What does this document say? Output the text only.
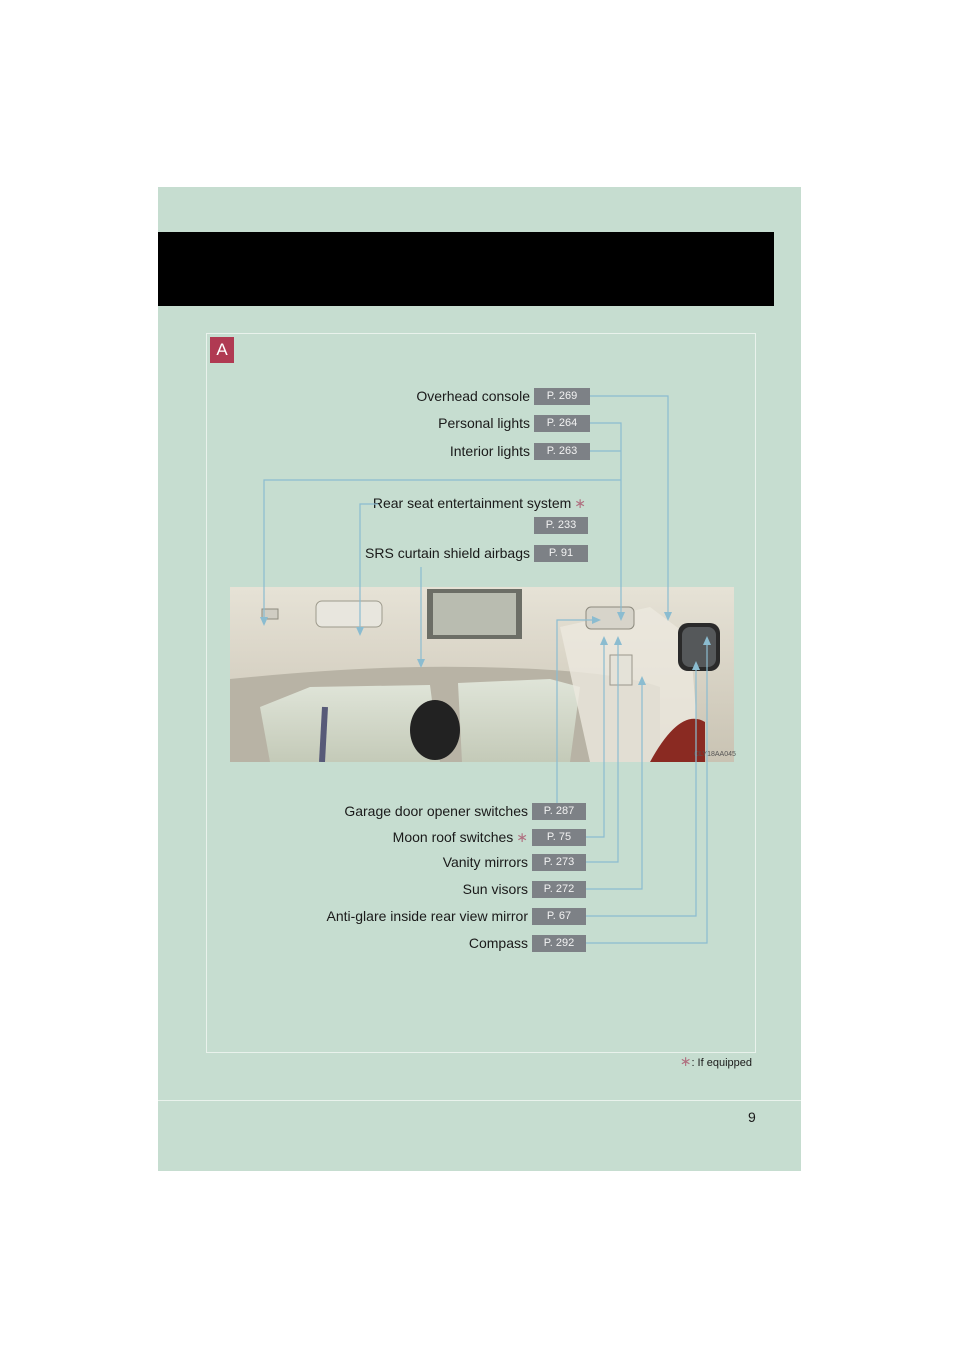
A
Overhead console	P. 269
Personal lights	P. 264
Interior lights	P. 263
Rear seat entertainment system ∗
P. 233
SRS curtain shield airbags	P. 91
CLY18AA045
Garage door opener switches	P. 287
Moon roof switches ∗	P. 75
Vanity mirrors	P. 273
Sun visors	P. 272
Anti-glare inside rear view mirror	P. 67
Compass	P. 292
∗: If equipped
9
